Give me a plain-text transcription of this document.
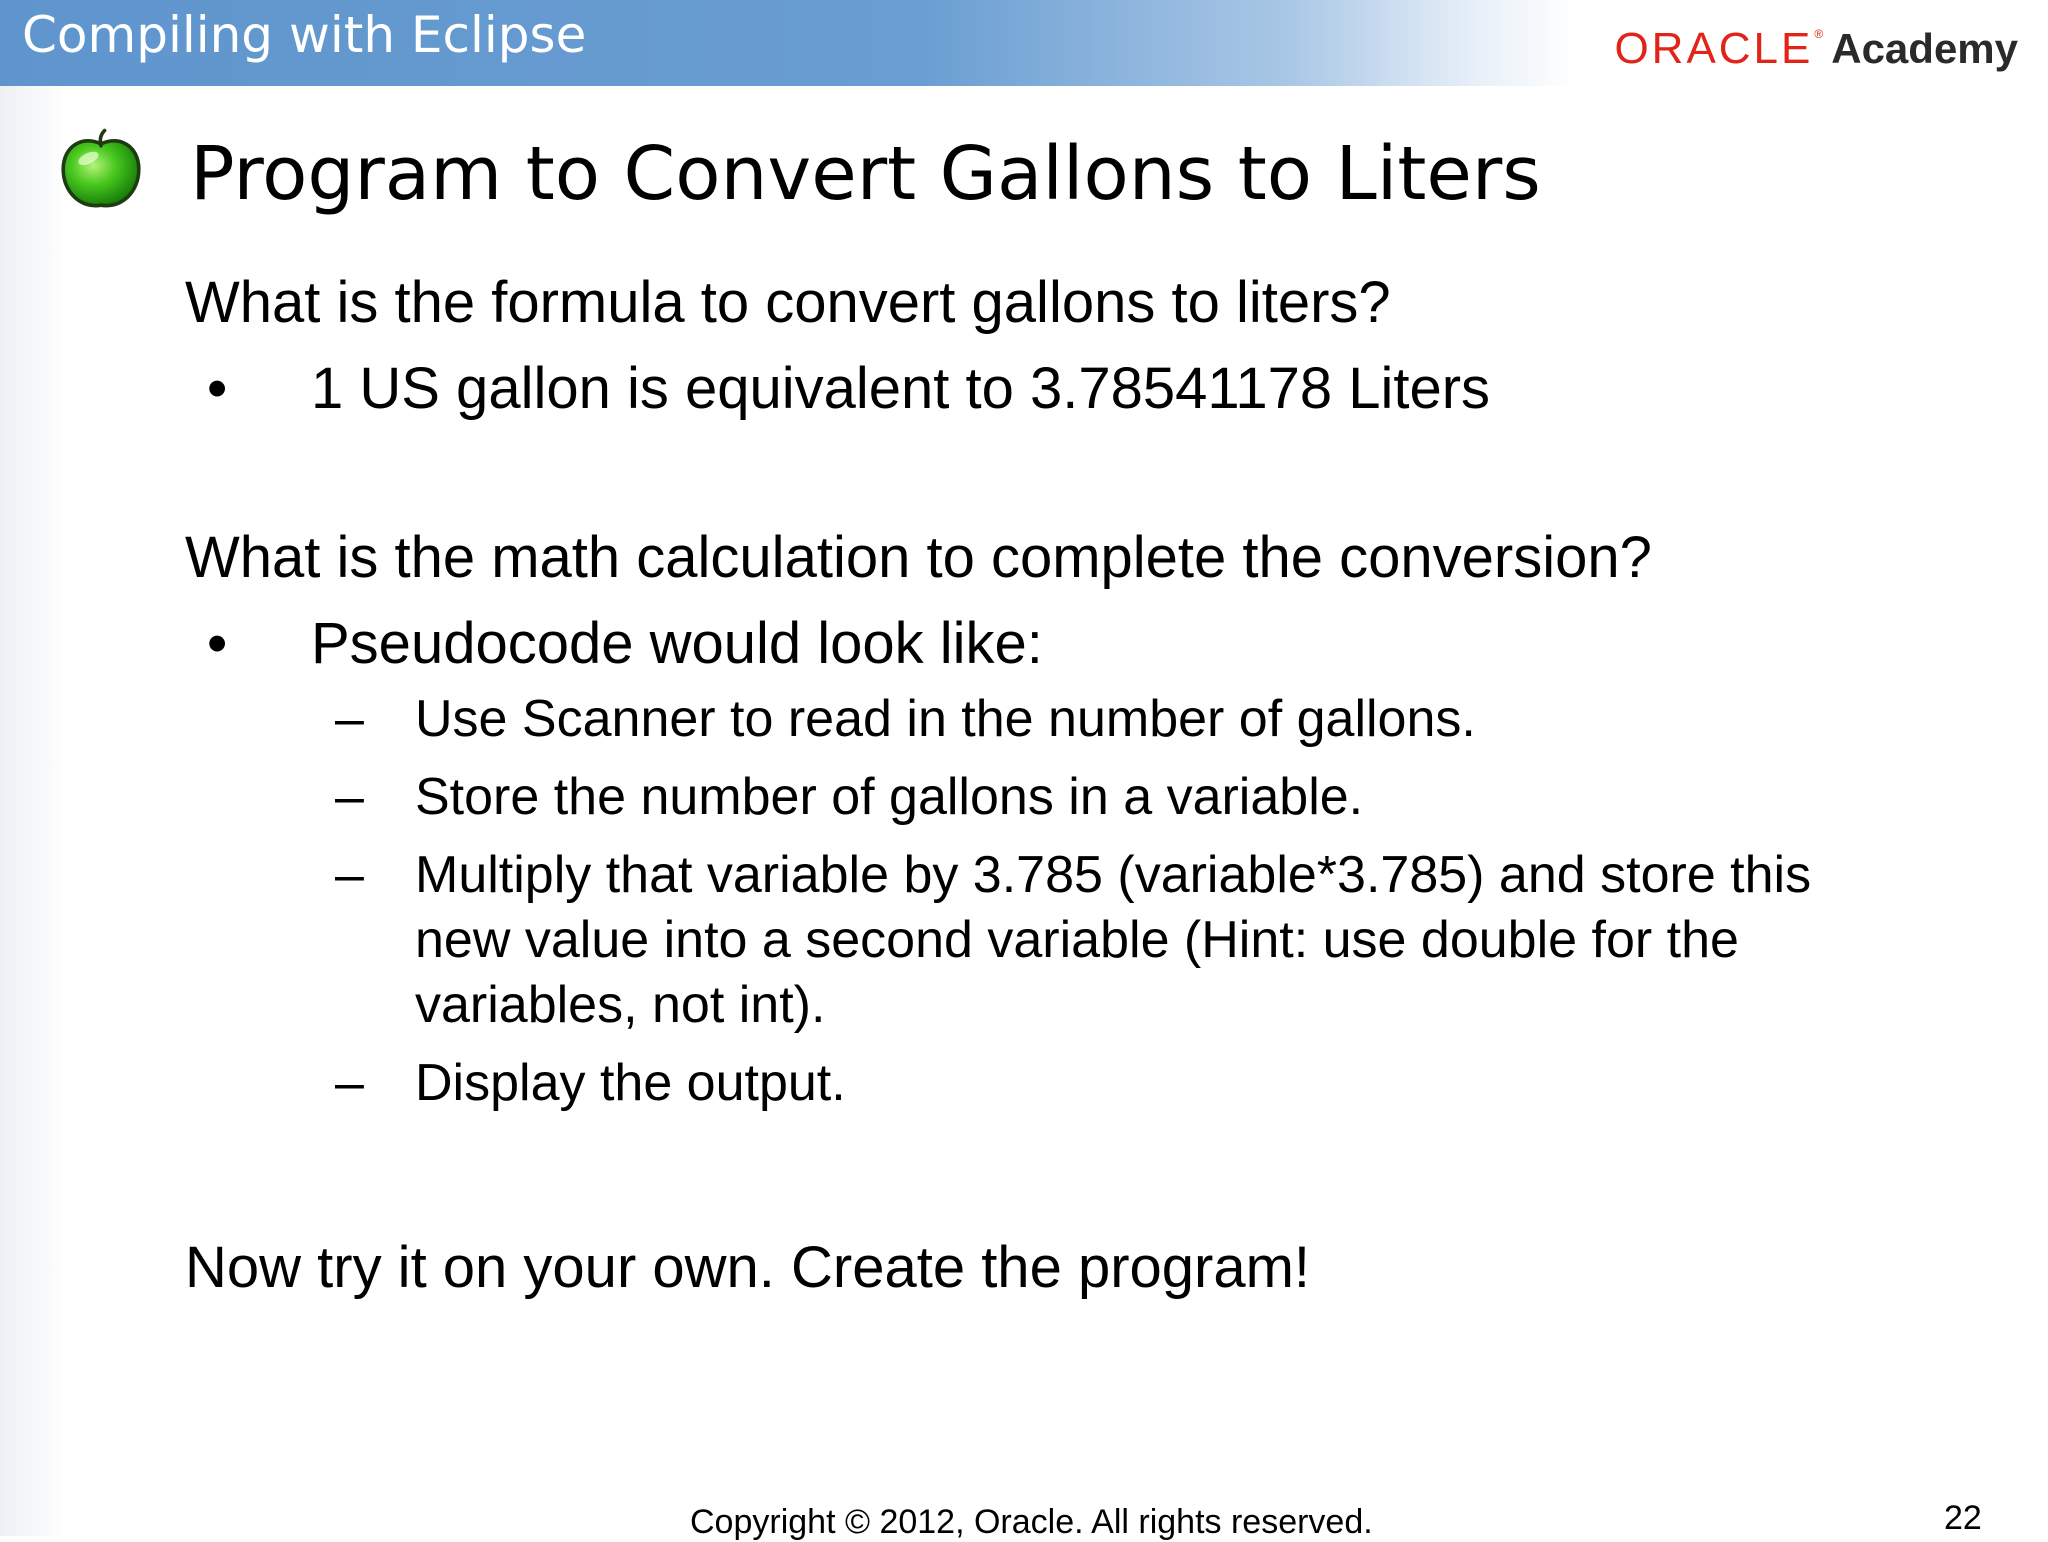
Compiling with Eclipse	ORACLE ® Academy
Program to Convert Gallons to Liters
What is the formula to convert gallons to liters?
• 1 US gallon is equivalent to 3.78541178 Liters
What is the math calculation to complete the conversion?
• Pseudocode would look like:
– Use Scanner to read in the number of gallons.
– Store the number of gallons in a variable.
– Multiply that variable by 3.785 (variable*3.785) and store this new value into a second variable (Hint: use double for the variables, not int).
– Display the output.
Now try it on your own. Create the program!
Copyright © 2012, Oracle. All rights reserved.	22
